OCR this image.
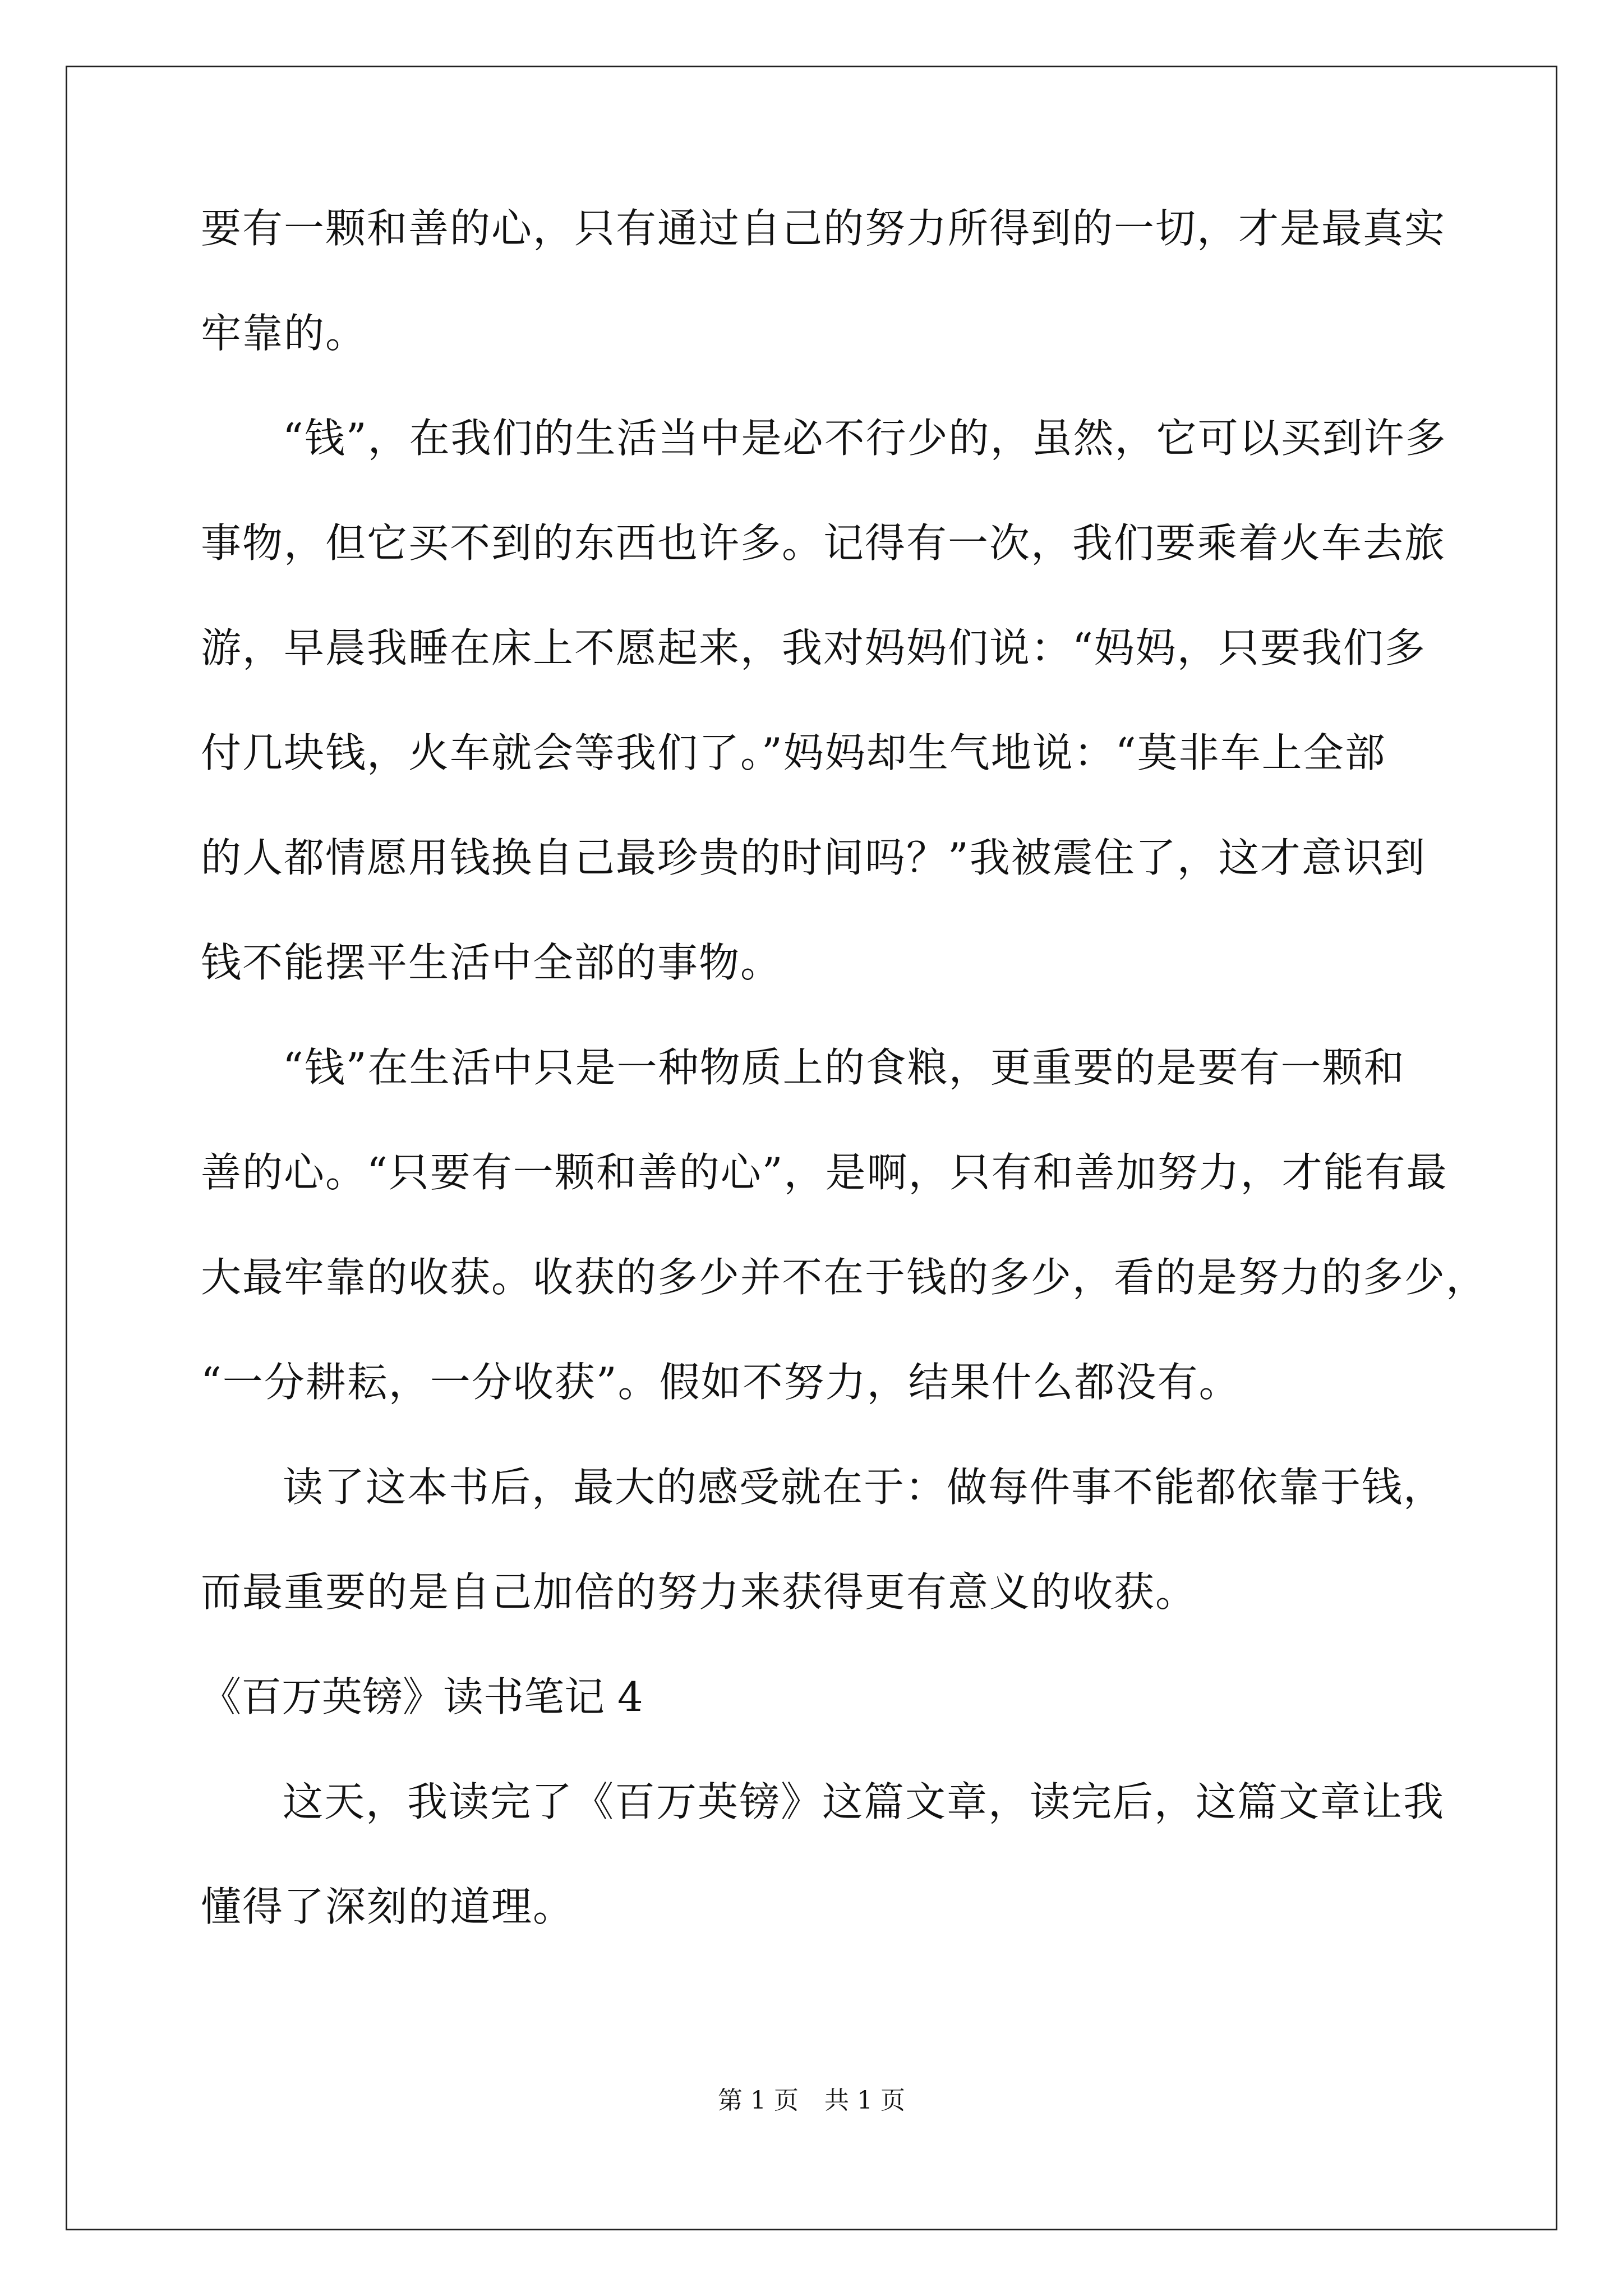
要有一颗和善的心，只有通过自己的努力所得到的一切，才是最真实
牢靠的。
“钱”，在我们的生活当中是必不行少的，虽然，它可以买到许多
事物，但它买不到的东西也许多。记得有一次，我们要乘着火车去旅
游，早晨我睡在床上不愿起来，我对妈妈们说：“妈妈，只要我们多
付几块钱，火车就会等我们了。”妈妈却生气地说：“莫非车上全部
的人都情愿用钱换自己最珍贵的时间吗？”我被震住了，这才意识到
钱不能摆平生活中全部的事物。
“钱”在生活中只是一种物质上的食粮，更重要的是要有一颗和
善的心。“只要有一颗和善的心”，是啊，只有和善加努力，才能有最
大最牢靠的收获。收获的多少并不在于钱的多少，看的是努力的多少，
“一分耕耘，一分收获”。假如不努力，结果什么都没有。
读了这本书后，最大的感受就在于：做每件事不能都依靠于钱，
而最重要的是自己加倍的努力来获得更有意义的收获。
《百万英镑》读书笔记 4
这天，我读完了《百万英镑》这篇文章，读完后，这篇文章让我
懂得了深刻的道理。
第 1 页 共 1 页
